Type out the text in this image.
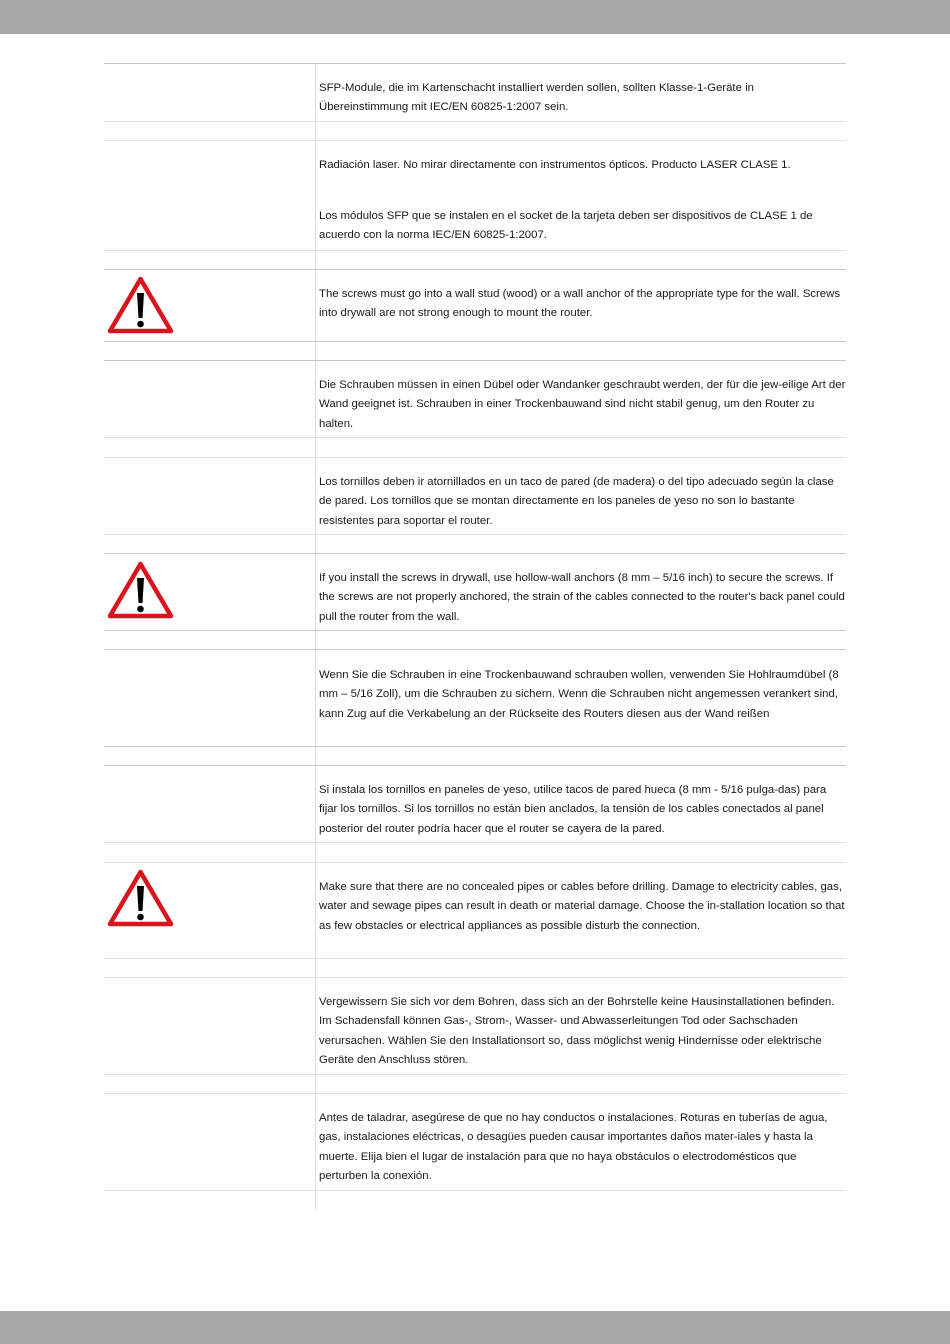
SFP-Module, die im Kartenschacht installiert werden sollen, sollten Klasse-1-Geräte in Übereinstimmung mit IEC/EN 60825-1:2007 sein.

Radiación laser. No mirar directamente con instrumentos ópticos. Producto LASER CLASE 1.

Los módulos SFP que se instalen en el socket de la tarjeta deben ser dispositivos de CLASE 1 de acuerdo con la norma IEC/EN 60825-1:2007.

The screws must go into a wall stud (wood) or a wall anchor of the appropriate type for the wall. Screws into drywall are not strong enough to mount the router.

Die Schrauben müssen in einen Dübel oder Wandanker geschraubt werden, der für die jew-eilige Art der Wand geeignet ist. Schrauben in einer Trockenbauwand sind nicht stabil genug, um den Router zu halten.

Los tornillos deben ir atornillados en un taco de pared (de madera) o del tipo adecuado según la clase de pared. Los tornillos que se montan directamente en los paneles de yeso no son lo bastante resistentes para soportar el router.

If you install the screws in drywall, use hollow-wall anchors (8 mm – 5/16 inch) to secure the screws. If the screws are not properly anchored, the strain of the cables connected to the router's back panel could pull the router from the wall.

Wenn Sie die Schrauben in eine Trockenbauwand schrauben wollen, verwenden Sie Hohlraumdübel (8 mm – 5/16 Zoll), um die Schrauben zu sichern. Wenn die Schrauben nicht angemessen verankert sind, kann Zug auf die Verkabelung an der Rückseite des Routers diesen aus der Wand reißen

Si instala los tornillos en paneles de yeso, utilice tacos de pared hueca (8 mm - 5/16 pulga-das) para fijar los tornillos. Si los tornillos no están bien anclados, la tensión de los cables conectados al panel posterior del router podría hacer que el router se cayera de la pared.

Make sure that there are no concealed pipes or cables before drilling. Damage to electricity cables, gas, water and sewage pipes can result in death or material damage. Choose the in-stallation location so that as few obstacles or electrical appliances as possible disturb the connection.

Vergewissern Sie sich vor dem Bohren, dass sich an der Bohrstelle keine Hausinstallationen befinden. Im Schadensfall können Gas-, Strom-, Wasser- und Abwasserleitungen Tod oder Sachschaden verursachen. Wählen Sie den Installationsort so, dass möglichst wenig Hindernisse oder elektrische Geräte den Anschluss stören.

Antes de taladrar, asegúrese de que no hay conductos o instalaciones. Roturas en tuberías de agua, gas, instalaciones eléctricas, o desagües pueden causar importantes daños mater-iales y hasta la muerte. Elija bien el lugar de instalación para que no haya obstáculos o electrodomésticos que perturben la conexión.
